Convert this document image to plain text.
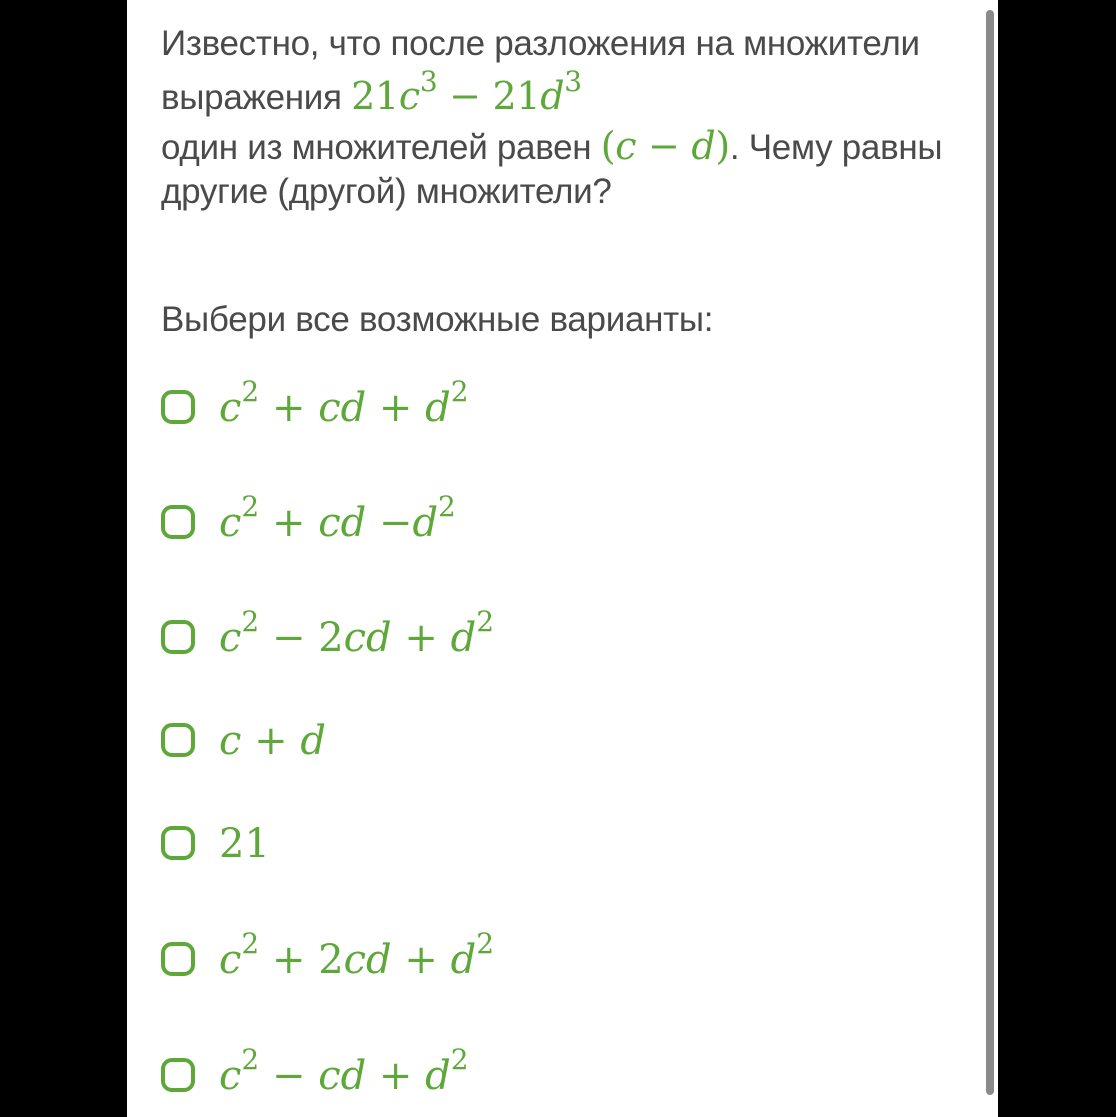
Известно, что после разложения на множители
выражения $21c^3 - 21d^3$
один из множителей равен (c − d). Чему равны
другие (другой) множители?
Выбери все возможные варианты:
$c^2$ + cd + $d^2$
$c^2$ + cd $-d^2$
$c^2 - 2cd + d^2$
c + d
21
$c^2 + 2cd + d^2$
$c^2$ − cd + $d^2$
